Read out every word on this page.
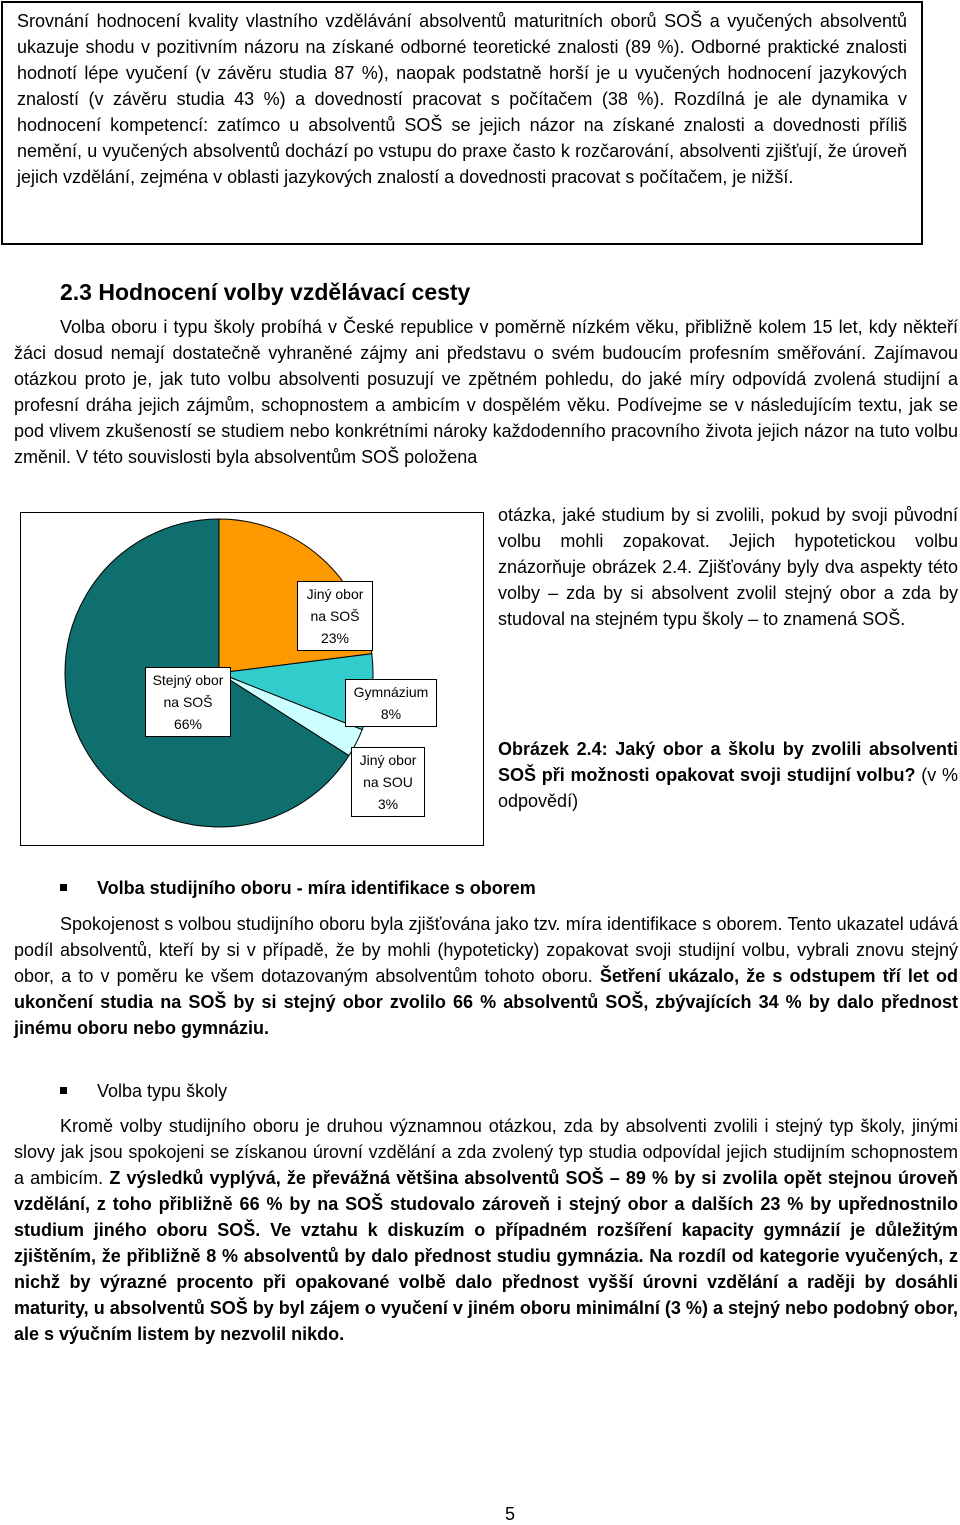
Srovnání hodnocení kvality vlastního vzdělávání absolventů maturitních oborů SOŠ a vyučených absolventů ukazuje shodu v pozitivním názoru na získané odborné teoretické znalosti (89 %). Odborné praktické znalosti hodnotí lépe vyučení (v závěru studia 87 %), naopak podstatně horší je u vyučených hodnocení jazykových znalostí (v závěru studia 43 %) a dovedností pracovat s počítačem (38 %). Rozdílná je ale dynamika v hodnocení kompetencí: zatímco u absolventů SOŠ se jejich názor na získané znalosti a dovednosti příliš nemění, u vyučených absolventů dochází po vstupu do praxe často k rozčarování, absolventi zjišťují, že úroveň jejich vzdělání, zejména v oblasti jazykových znalostí a dovednosti pracovat s počítačem, je nižší.

2.3 Hodnocení volby vzdělávací cesty

Volba oboru i typu školy probíhá v České republice v poměrně nízkém věku, přibližně kolem 15 let, kdy někteří žáci dosud nemají dostatečně vyhraněné zájmy ani představu o svém budoucím profesním směřování. Zajímavou otázkou proto je, jak tuto volbu absolventi posuzují ve zpětném pohledu, do jaké míry odpovídá zvolená studijní a profesní dráha jejich zájmům, schopnostem a ambicím v dospělém věku. Podívejme se v následujícím textu, jak se pod vlivem zkušeností se studiem nebo konkrétními nároky každodenního pracovního života jejich názor na tuto volbu změnil. V této souvislosti byla absolventům SOŠ položena

Stejný obor
na SOŠ
66%
Jiný obor
na SOŠ
23%
Gymnázium
8%
Jiný obor
na SOU
3%

otázka, jaké studium by si zvolili, pokud by svoji původní volbu mohli zopakovat. Jejich hypotetickou volbu znázorňuje obrázek 2.4. Zjišťovány byly dva aspekty této volby – zda by si absolvent zvolil stejný obor a zda by studoval na stejném typu školy – to znamená SOŠ.

Obrázek 2.4: Jaký obor a školu by zvolili absolventi SOŠ při možnosti opakovat svoji studijní volbu? (v % odpovědí)

Volba studijního oboru - míra identifikace s oborem

Spokojenost s volbou studijního oboru byla zjišťována jako tzv. míra identifikace s oborem. Tento ukazatel udává podíl absolventů, kteří by si v případě, že by mohli (hypoteticky) zopakovat svoji studijní volbu, vybrali znovu stejný obor, a to v poměru ke všem dotazovaným absolventům tohoto oboru. Šetření ukázalo, že s odstupem tří let od ukončení studia na SOŠ by si stejný obor zvolilo 66 % absolventů SOŠ, zbývajících 34 % by dalo přednost jinému oboru nebo gymnáziu.

Volba typu školy

Kromě volby studijního oboru je druhou významnou otázkou, zda by absolventi zvolili i stejný typ školy, jinými slovy jak jsou spokojeni se získanou úrovní vzdělání a zda zvolený typ studia odpovídal jejich studijním schopnostem a ambicím. Z výsledků vyplývá, že převážná většina absolventů SOŠ – 89 % by si zvolila opět stejnou úroveň vzdělání, z toho přibližně 66 % by na SOŠ studovalo zároveň i stejný obor a dalších 23 % by upřednostnilo studium jiného oboru SOŠ. Ve vztahu k diskuzím o případném rozšíření kapacity gymnázií je důležitým zjištěním, že přibližně 8 % absolventů by dalo přednost studiu gymnázia. Na rozdíl od kategorie vyučených, z nichž by výrazné procento při opakované volbě dalo přednost vyšší úrovni vzdělání a raději by dosáhli maturity, u absolventů SOŠ by byl zájem o vyučení v jiném oboru minimální (3 %) a stejný nebo podobný obor, ale s výučním listem by nezvolil nikdo.

5
